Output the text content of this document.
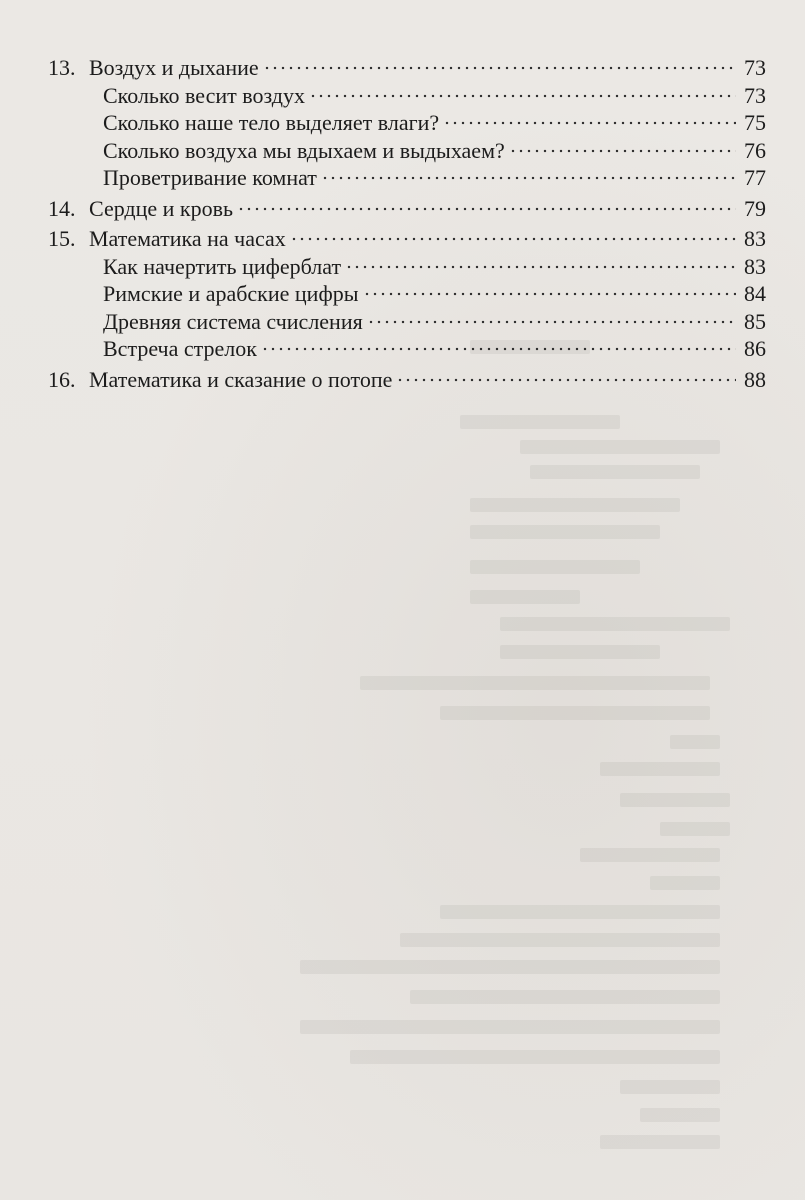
13. Воздух и дыхание	73
Сколько весит воздух	73
Сколько наше тело выделяет влаги?	75
Сколько воздуха мы вдыхаем и выдыхаем?	76
Проветривание комнат	77
14. Сердце и кровь	79
15. Математика на часах	83
Как начертить циферблат	83
Римские и арабские цифры	84
Древняя система счисления	85
Встреча стрелок	86
16. Математика и сказание о потопе	88
